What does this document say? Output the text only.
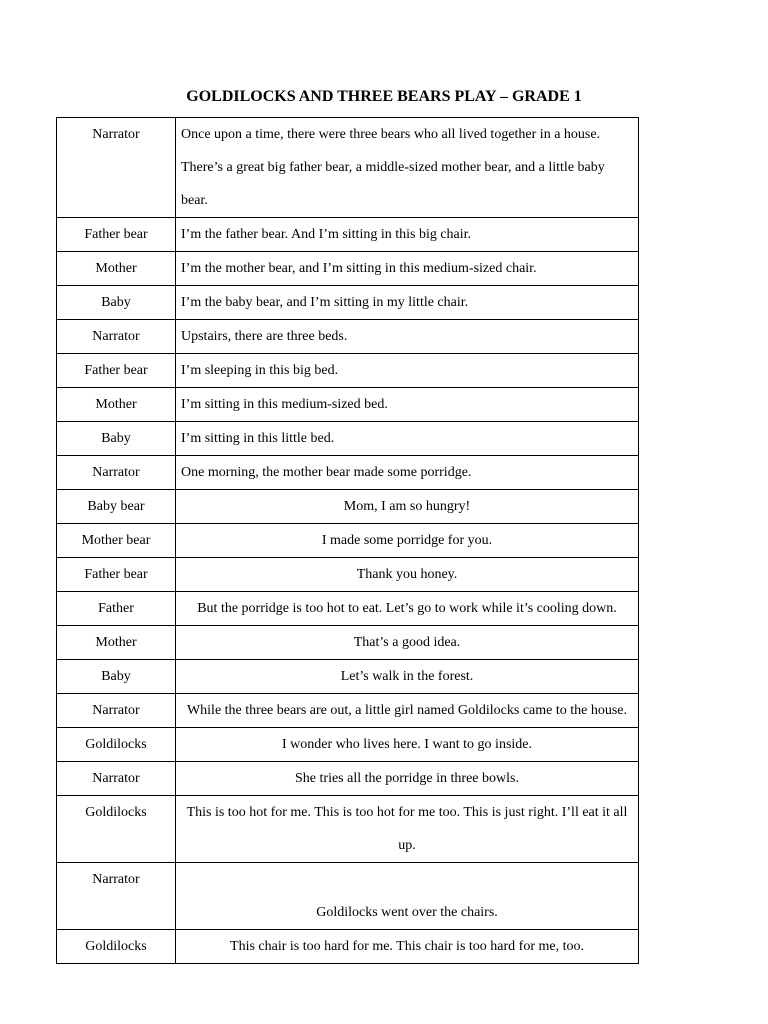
GOLDILOCKS AND THREE BEARS PLAY – GRADE 1
Narrator	Once upon a time, there were three bears who all lived together in a house. There’s a great big father bear, a middle-sized mother bear, and a little baby bear.
Father bear	I’m the father bear. And I’m sitting in this big chair.
Mother	I’m the mother bear, and I’m sitting in this medium-sized chair.
Baby	I’m the baby bear, and I’m sitting in my little chair.
Narrator	Upstairs, there are three beds.
Father bear	I’m sleeping in this big bed.
Mother	I’m sitting in this medium-sized bed.
Baby	I’m sitting in this little bed.
Narrator	One morning, the mother bear made some porridge.
Baby bear	Mom, I am so hungry!
Mother bear	I made some porridge for you.
Father bear	Thank you honey.
Father	But the porridge is too hot to eat. Let’s go to work while it’s cooling down.
Mother	That’s a good idea.
Baby	Let’s walk in the forest.
Narrator	While the three bears are out, a little girl named Goldilocks came to the house.
Goldilocks	I wonder who lives here. I want to go inside.
Narrator	She tries all the porridge in three bowls.
Goldilocks	This is too hot for me. This is too hot for me too. This is just right. I’ll eat it all up.
Narrator	Goldilocks went over the chairs.
Goldilocks	This chair is too hard for me. This chair is too hard for me, too.
